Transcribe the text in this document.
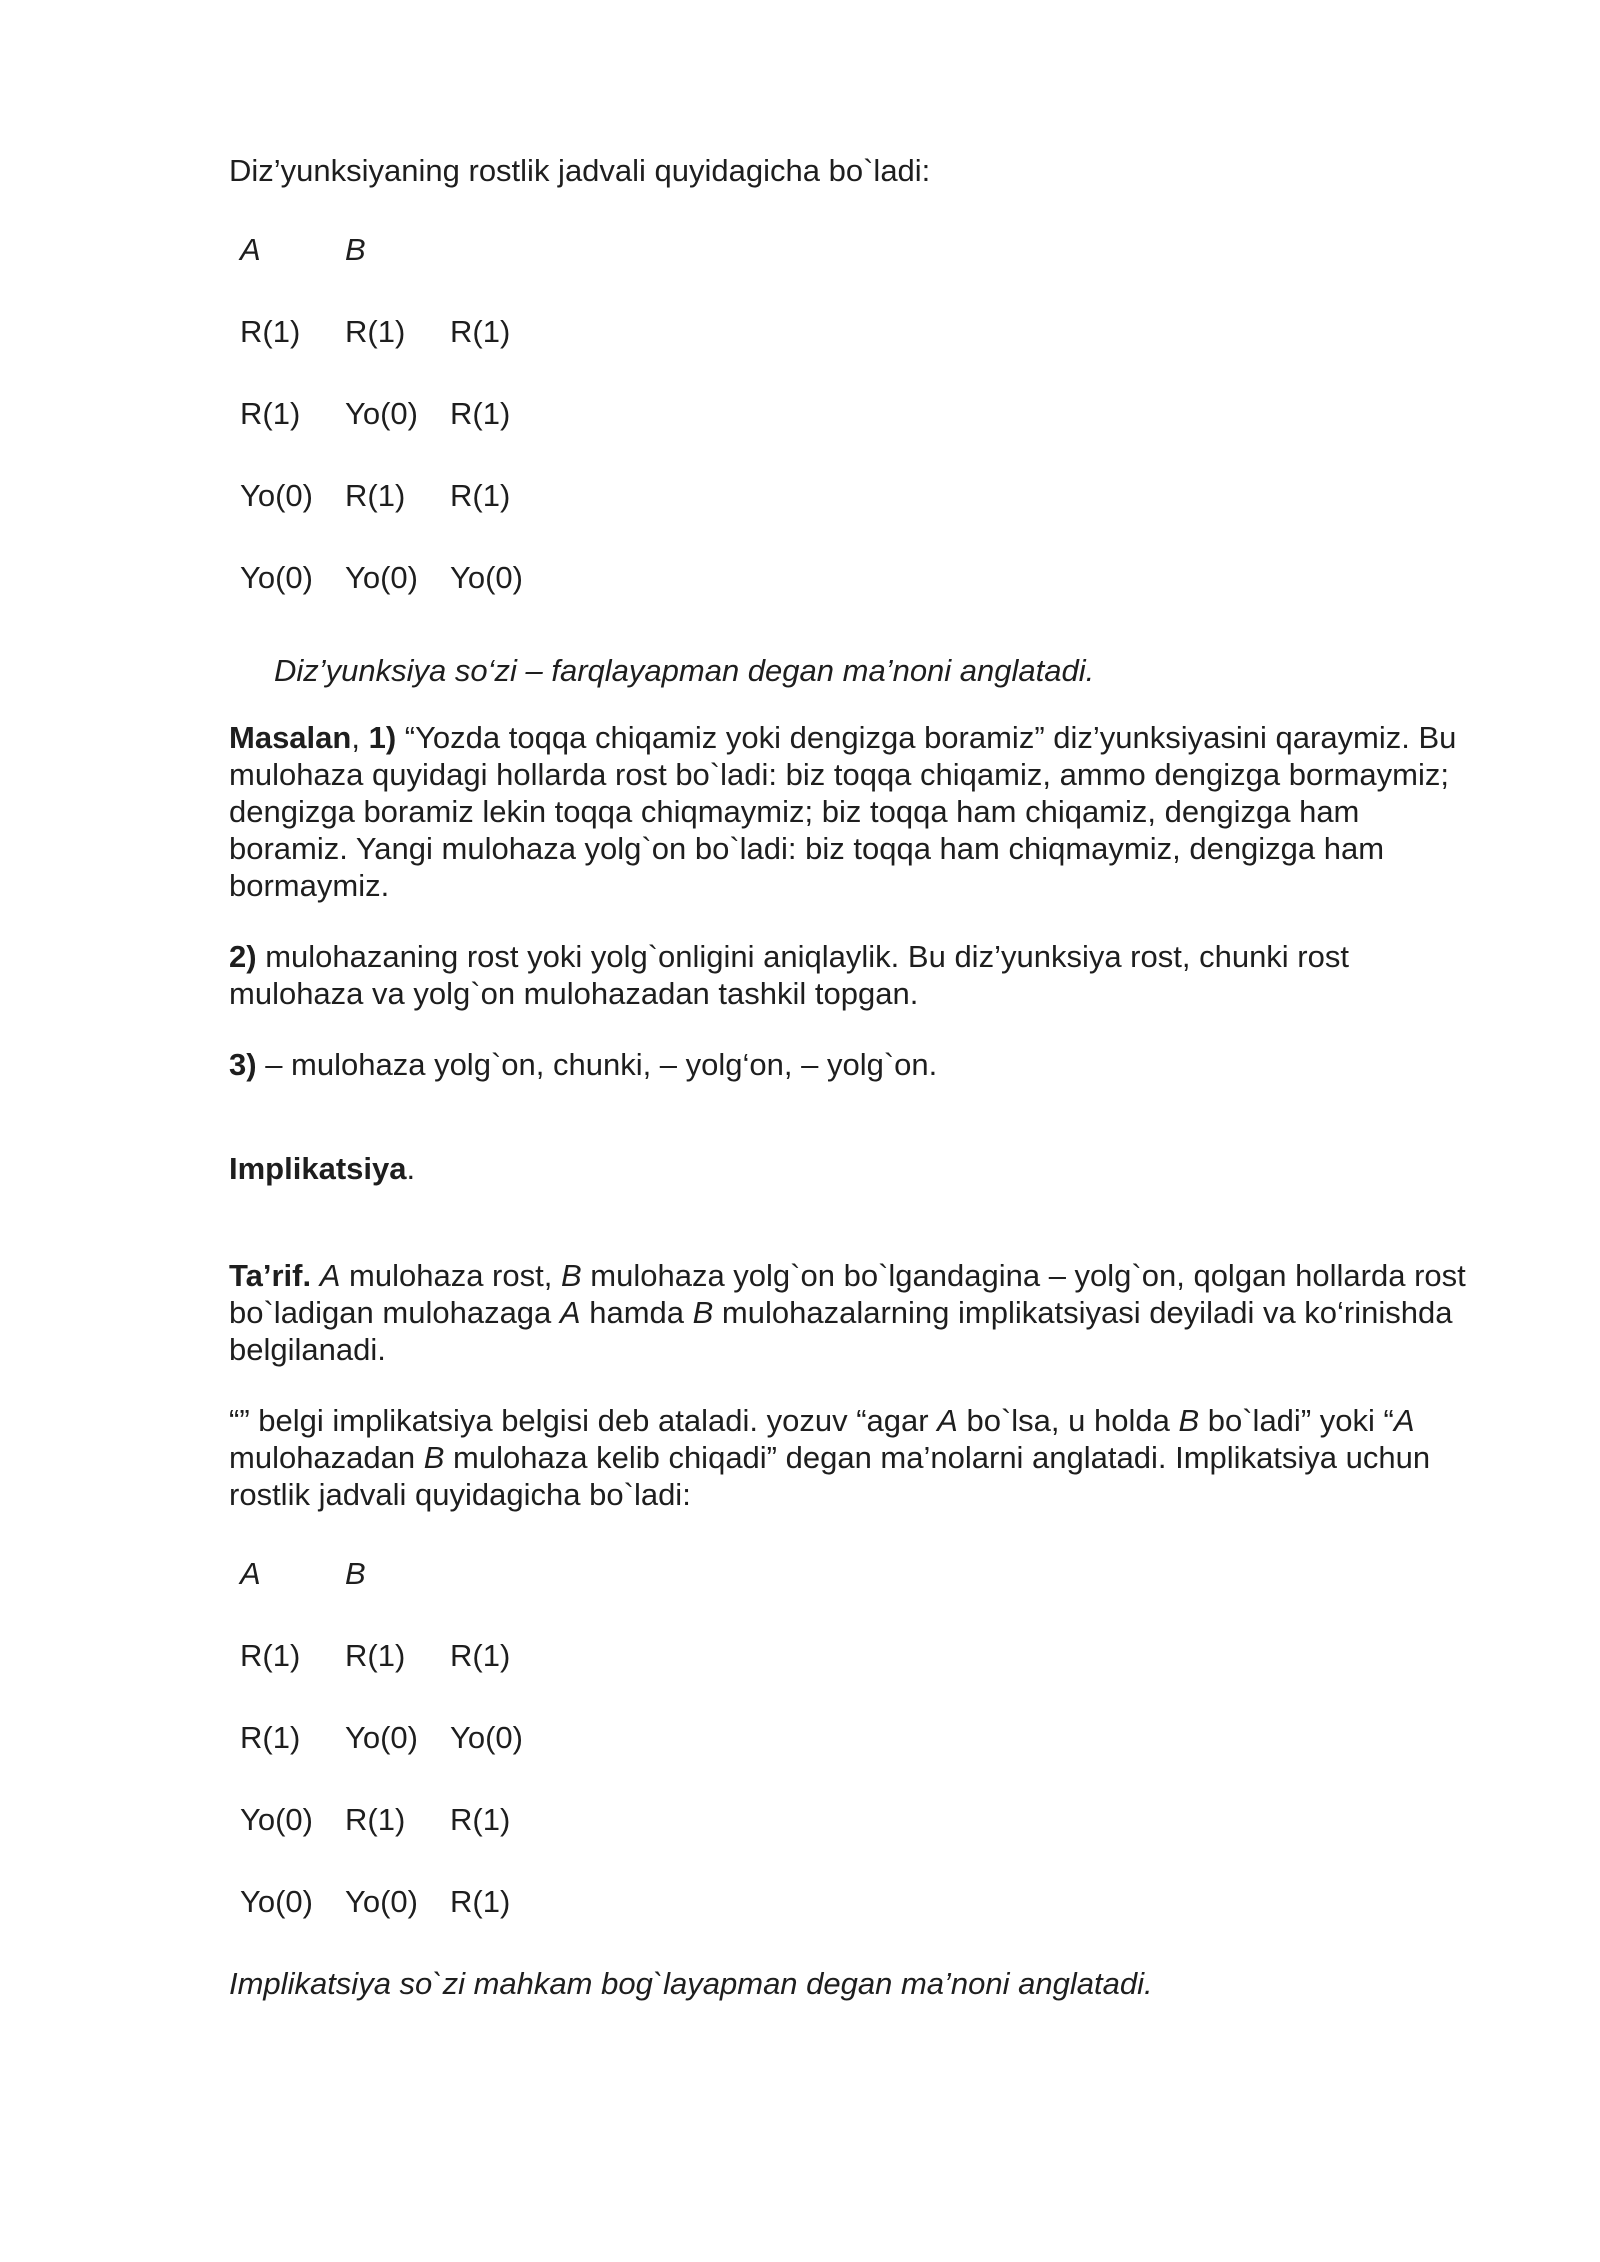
Diz’yunksiyaning rostlik jadvali quyidagicha bo`ladi:
A	B
R(1) R(1) R(1)
R(1) Yo(0) R(1)
Yo(0) R(1) R(1)
Yo(0) Yo(0) Yo(0)
Diz’yunksiya so‘zi – farqlayapman degan ma’noni anglatadi.
Masalan, 1) “Yozda toqqa chiqamiz yoki dengizga boramiz” diz’yunksiyasini qaraymiz. Bu mulohaza quyidagi hollarda rost bo`ladi: biz toqqa chiqamiz, ammo dengizga bormaymiz; dengizga boramiz lekin toqqa chiqmaymiz; biz toqqa ham chiqamiz, dengizga ham boramiz. Yangi mulohaza yolg`on bo`ladi: biz toqqa ham chiqmaymiz, dengizga ham bormaymiz.
2) mulohazaning rost yoki yolg`onligini aniqlaylik. Bu diz’yunksiya rost, chunki rost mulohaza va yolg`on mulohazadan tashkil topgan.
3) – mulohaza yolg`on, chunki, – yolg‘on, – yolg`on.
Implikatsiya.
Ta’rif. A mulohaza rost, B mulohaza yolg`on bo`lgandagina – yolg`on, qolgan hollarda rost bo`ladigan mulohazaga A hamda B mulohazalarning implikatsiyasi deyiladi va ko‘rinishda belgilanadi.
“” belgi implikatsiya belgisi deb ataladi. yozuv “agar A bo`lsa, u holda B bo`ladi” yoki “A mulohazadan B mulohaza kelib chiqadi” degan ma’nolarni anglatadi. Implikatsiya uchun rostlik jadvali quyidagicha bo`ladi:
A	B
R(1) R(1) R(1)
R(1) Yo(0) Yo(0)
Yo(0) R(1) R(1)
Yo(0) Yo(0) R(1)
Implikatsiya so`zi mahkam bog`layapman degan ma’noni anglatadi.
